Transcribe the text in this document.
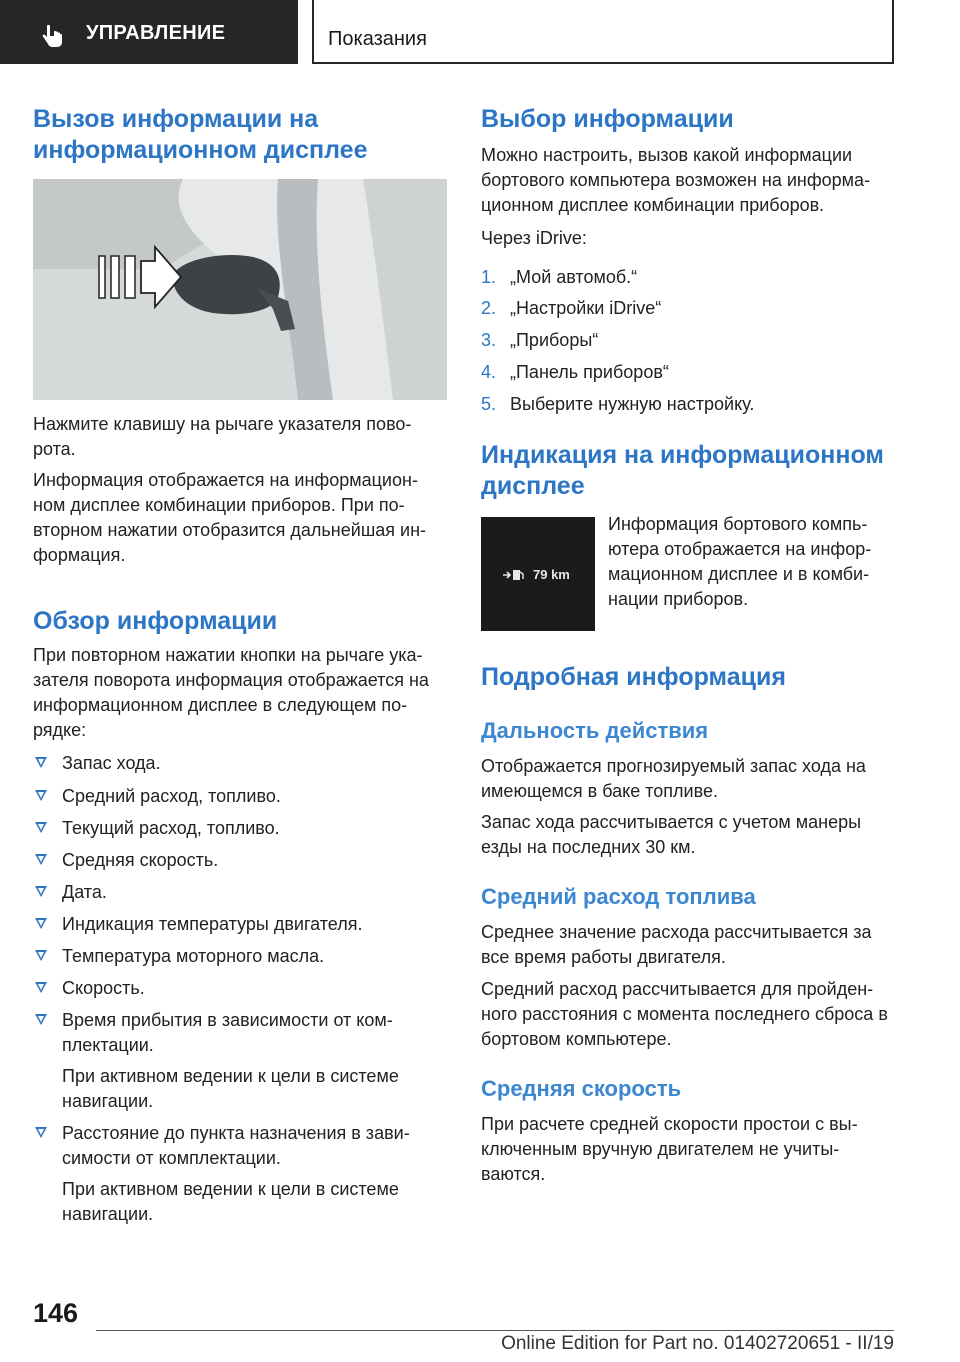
УПРАВЛЕНИЕ	Показания
Вызов информации на информационном дисплее

Нажмите клавишу на рычаге указателя пово-рота.

Информация отображается на информацион-ном дисплее комбинации приборов. При по-вторном нажатии отобразится дальнейшая ин-формация.

Обзор информации

При повторном нажатии кнопки на рычаге ука-зателя поворота информация отображается на информационном дисплее в следующем по-рядке:

Запас хода.
Средний расход, топливо.
Текущий расход, топливо.
Средняя скорость.
Дата.
Индикация температуры двигателя.
Температура моторного масла.
Скорость.
Время прибытия в зависимости от ком-плектации.

При активном ведении к цели в системе навигации.

Расстояние до пункта назначения в зави-симости от комплектации.

При активном ведении к цели в системе навигации.

Выбор информации

Можно настроить, вызов какой информации бортового компьютера возможен на информа-ционном дисплее комбинации приборов.

Через iDrive:

1. „Мой автомоб.“
2. „Настройки iDrive“
3. „Приборы“
4. „Панель приборов“
5. Выберите нужную настройку.
Индикация на информационном дисплее
79 km

Информация бортового компь-ютера отображается на инфор-мационном дисплее и в комби-нации приборов.

Подробная информация
Дальность действия

Отображается прогнозируемый запас хода на имеющемся в баке топливе.

Запас хода рассчитывается с учетом манеры езды на последних 30 км.

Средний расход топлива

Среднее значение расхода рассчитывается за все время работы двигателя.

Средний расход рассчитывается для пройден-ного расстояния с момента последнего сброса в бортовом компьютере.

Средняя скорость

При расчете средней скорости простои с вы-ключенным вручную двигателем не учиты-ваются.

146
Online Edition for Part no. 01402720651 - II/19
